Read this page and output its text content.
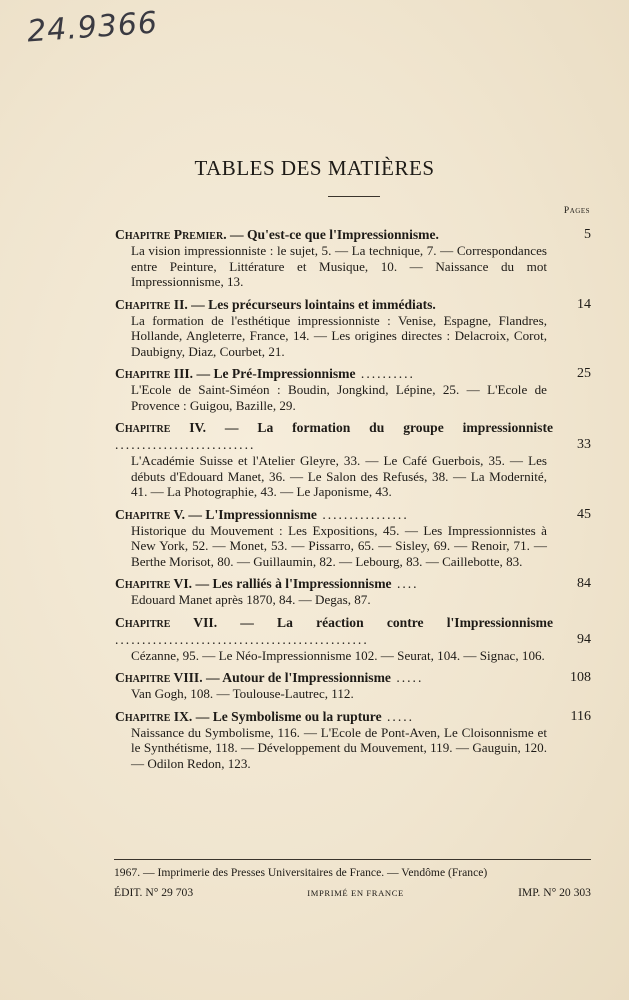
24.9366
TABLES DES MATIÈRES
Pages
Chapitre Premier. — Qu'est-ce que l'Impressionnisme.	5
La vision impressionniste : le sujet, 5. — La technique, 7. — Correspondances entre Peinture, Littérature et Musique, 10. — Naissance du mot Impressionnisme, 13.
Chapitre II. — Les précurseurs lointains et immédiats.	14
La formation de l'esthétique impressionniste : Venise, Espagne, Flandres, Hollande, Angleterre, France, 14. — Les origines directes : Delacroix, Corot, Daubigny, Diaz, Courbet, 21.
Chapitre III. — Le Pré-Impressionnisme ..........	25
L'Ecole de Saint-Siméon : Boudin, Jongkind, Lépine, 25. — L'Ecole de Provence : Guigou, Bazille, 29.
Chapitre IV. — La formation du groupe impressionniste ..........................	33
L'Académie Suisse et l'Atelier Gleyre, 33. — Le Café Guerbois, 35. — Les débuts d'Edouard Manet, 36. — Le Salon des Refusés, 38. — La Modernité, 41. — La Photographie, 43. — Le Japonisme, 43.
Chapitre V. — L'Impressionnisme ................	45
Historique du Mouvement : Les Expositions, 45. — Les Impressionnistes à New York, 52. — Monet, 53. — Pissarro, 65. — Sisley, 69. — Renoir, 71. — Berthe Morisot, 80. — Guillaumin, 82. — Lebourg, 83. — Caillebotte, 83.
Chapitre VI. — Les ralliés à l'Impressionnisme ....	84
Edouard Manet après 1870, 84. — Degas, 87.
Chapitre VII. — La réaction contre l'Impressionnisme ...............................................	94
Cézanne, 95. — Le Néo-Impressionnisme 102. — Seurat, 104. — Signac, 106.
Chapitre VIII. — Autour de l'Impressionnisme .....	108
Van Gogh, 108. — Toulouse-Lautrec, 112.
Chapitre IX. — Le Symbolisme ou la rupture .....	116
Naissance du Symbolisme, 116. — L'Ecole de Pont-Aven, Le Cloisonnisme et le Synthétisme, 118. — Développement du Mouvement, 119. — Gauguin, 120. — Odilon Redon, 123.
1967. — Imprimerie des Presses Universitaires de France. — Vendôme (France)
ÉDIT. N° 29 703	IMPRIMÉ EN FRANCE	IMP. N° 20 303
